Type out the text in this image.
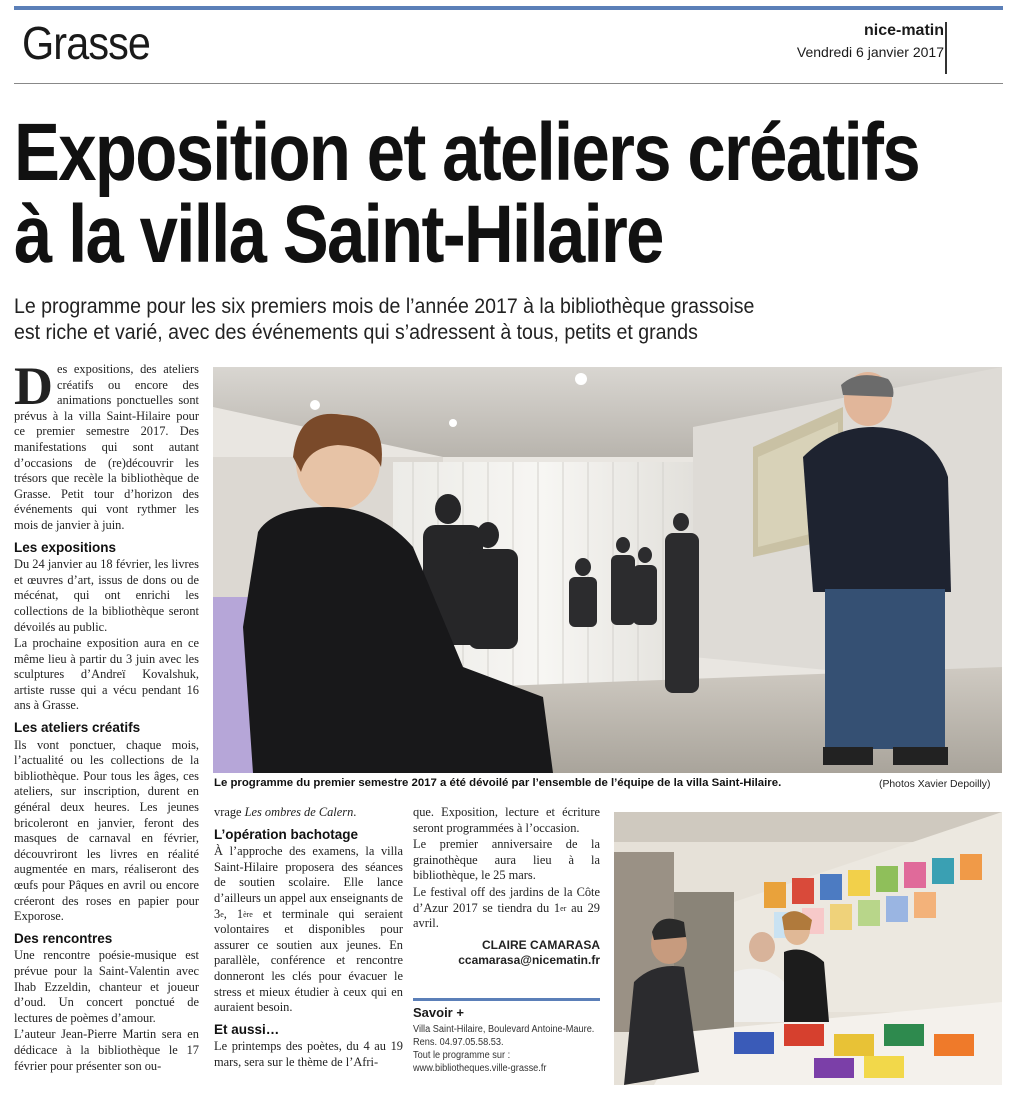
Grasse	nice-matin
Vendredi 6 janvier 2017
Exposition et ateliers créatifs
à la villa Saint-Hilaire
Le programme pour les six premiers mois de l’année 2017 à la bibliothèque grassoise
est riche et varié, avec des événements qui s’adressent à tous, petits et grands

Des expositions, des ateliers créatifs ou encore des animations ponctuelles sont prévus à la villa Saint-Hilaire pour ce premier semestre 2017. Des manifestations qui sont autant d’occasions de (re)découvrir les trésors que recèle la bibliothèque de Grasse. Petit tour d’horizon des événements qui vont rythmer les mois de janvier à juin.

Les expositions

Du 24 janvier au 18 février, les livres et œuvres d’art, issus de dons ou de mécénat, qui ont enrichi les collections de la bibliothèque seront dévoilés au public.

La prochaine exposition aura en ce même lieu à partir du 3 juin avec les sculptures d’Andreï Kovalshuk, artiste russe qui a vécu pendant 16 ans à Grasse.

Les ateliers créatifs

Ils vont ponctuer, chaque mois, l’actualité ou les collections de la bibliothèque. Pour tous les âges, ces ateliers, sur inscription, durent en général deux heures. Les jeunes bricoleront en janvier, feront des masques de carnaval en février, découvriront les livres en réalité augmentée en mars, réaliseront des œufs pour Pâques en avril ou encore créeront des roses en papier pour Exporose.

Des rencontres

Une rencontre poésie-musique est prévue pour la Saint-Valentin avec Ihab Ezzeldin, chanteur et joueur d’oud. Un concert ponctué de lectures de poèmes d’amour.

L’auteur Jean-Pierre Martin sera en dédicace à la bibliothèque le 17 février pour présenter son ou-

Le programme du premier semestre 2017 a été dévoilé par l’ensemble de l’équipe de la villa Saint-Hilaire.	(Photos Xavier Depoilly)

vrage Les ombres de Calern.

L’opération bachotage

À l’approche des examens, la villa Saint-Hilaire proposera des séances de soutien scolaire. Elle lance d’ailleurs un appel aux enseignants de 3e, 1ère et terminale qui seraient volontaires et disponibles pour assurer ce soutien aux jeunes. En parallèle, conférence et rencontre donneront les clés pour évacuer le stress et mieux étudier à ceux qui en auraient besoin.

Et aussi…

Le printemps des poètes, du 4 au 19 mars, sera sur le thème de l’Afri-

que. Exposition, lecture et écriture seront programmées à l’occasion.

Le premier anniversaire de la grainothèque aura lieu à la bibliothèque, le 25 mars.

Le festival off des jardins de la Côte d’Azur 2017 se tiendra du 1er au 29 avril.

CLAIRE CAMARASA
ccamarasa@nicematin.fr
Savoir +
Villa Saint-Hilaire, Boulevard Antoine-Maure.
Rens. 04.97.05.58.53.
Tout le programme sur :
www.bibliotheques.ville-grasse.fr
